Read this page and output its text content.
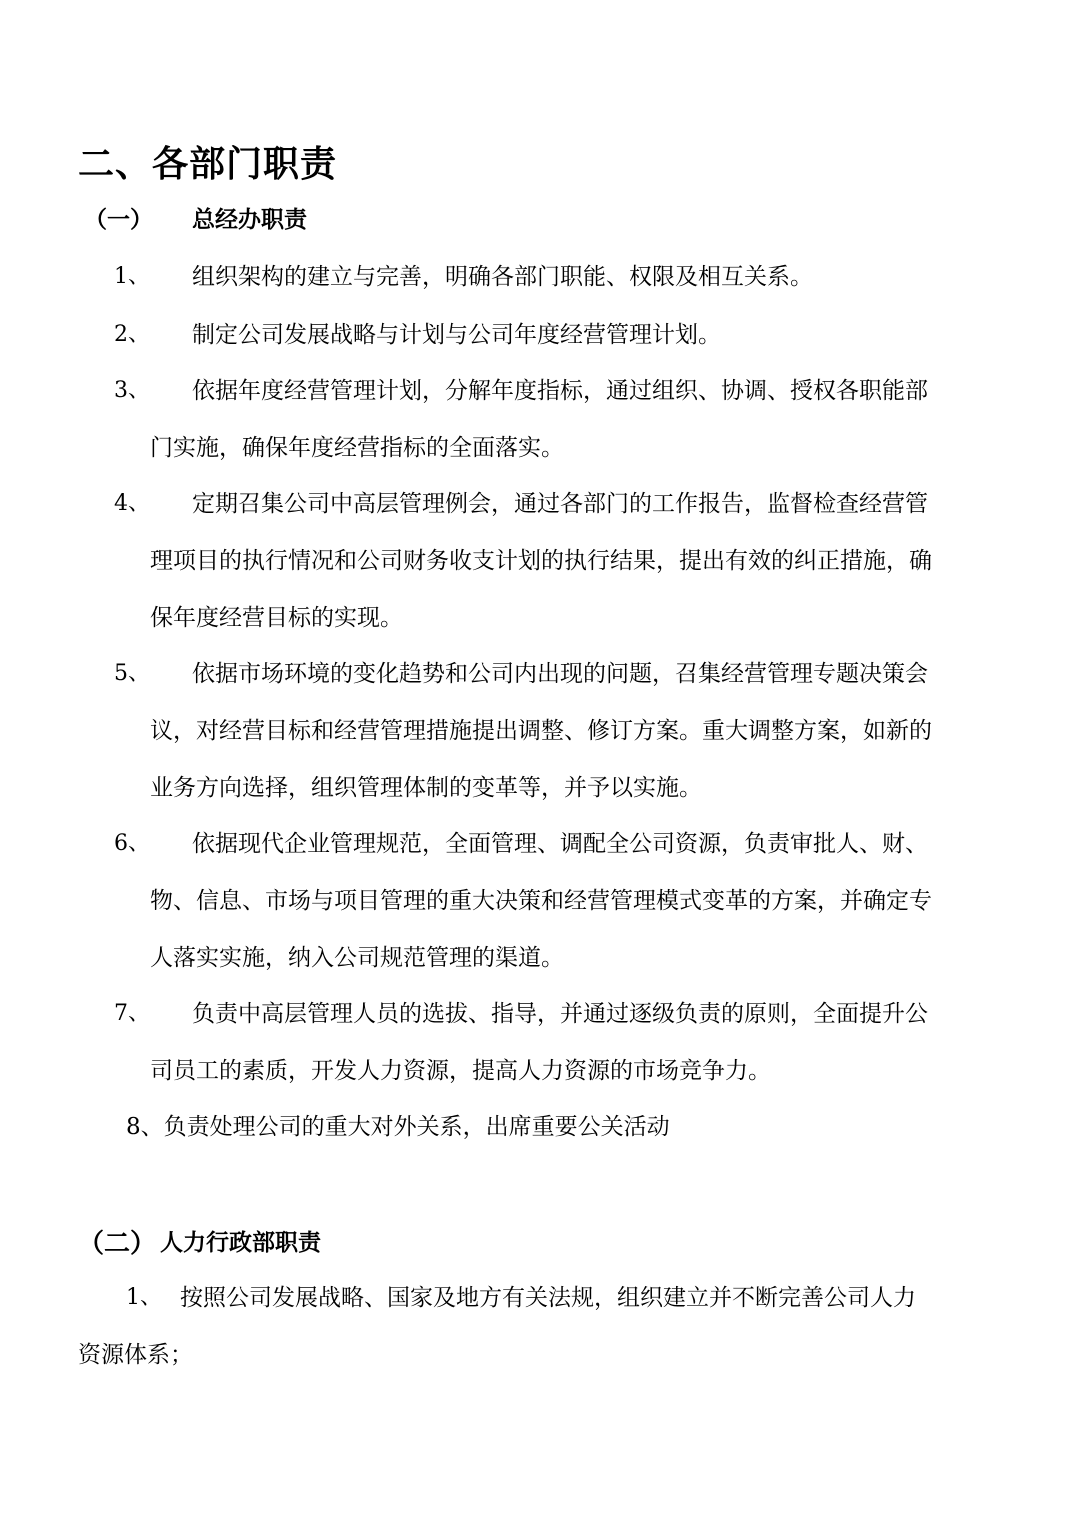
二、各部门职责
（一） 总经办职责
1、 组织架构的建立与完善，明确各部门职能、权限及相互关系。
2、 制定公司发展战略与计划与公司年度经营管理计划。
3、 依据年度经营管理计划，分解年度指标，通过组织、协调、授权各职能部
门实施，确保年度经营指标的全面落实。
4、 定期召集公司中高层管理例会，通过各部门的工作报告，监督检查经营管
理项目的执行情况和公司财务收支计划的执行结果，提出有效的纠正措施，确
保年度经营目标的实现。
5、 依据市场环境的变化趋势和公司内出现的问题，召集经营管理专题决策会
议，对经营目标和经营管理措施提出调整、修订方案。重大调整方案，如新的
业务方向选择，组织管理体制的变革等，并予以实施。
6、 依据现代企业管理规范，全面管理、调配全公司资源，负责审批人、财、
物、信息、市场与项目管理的重大决策和经营管理模式变革的方案，并确定专
人落实实施，纳入公司规范管理的渠道。
7、 负责中高层管理人员的选拔、指导，并通过逐级负责的原则，全面提升公
司员工的素质，开发人力资源，提高人力资源的市场竞争力。
8、负责处理公司的重大对外关系，出席重要公关活动
（二） 人力行政部职责
1、 按照公司发展战略、国家及地方有关法规，组织建立并不断完善公司人力
资源体系；
